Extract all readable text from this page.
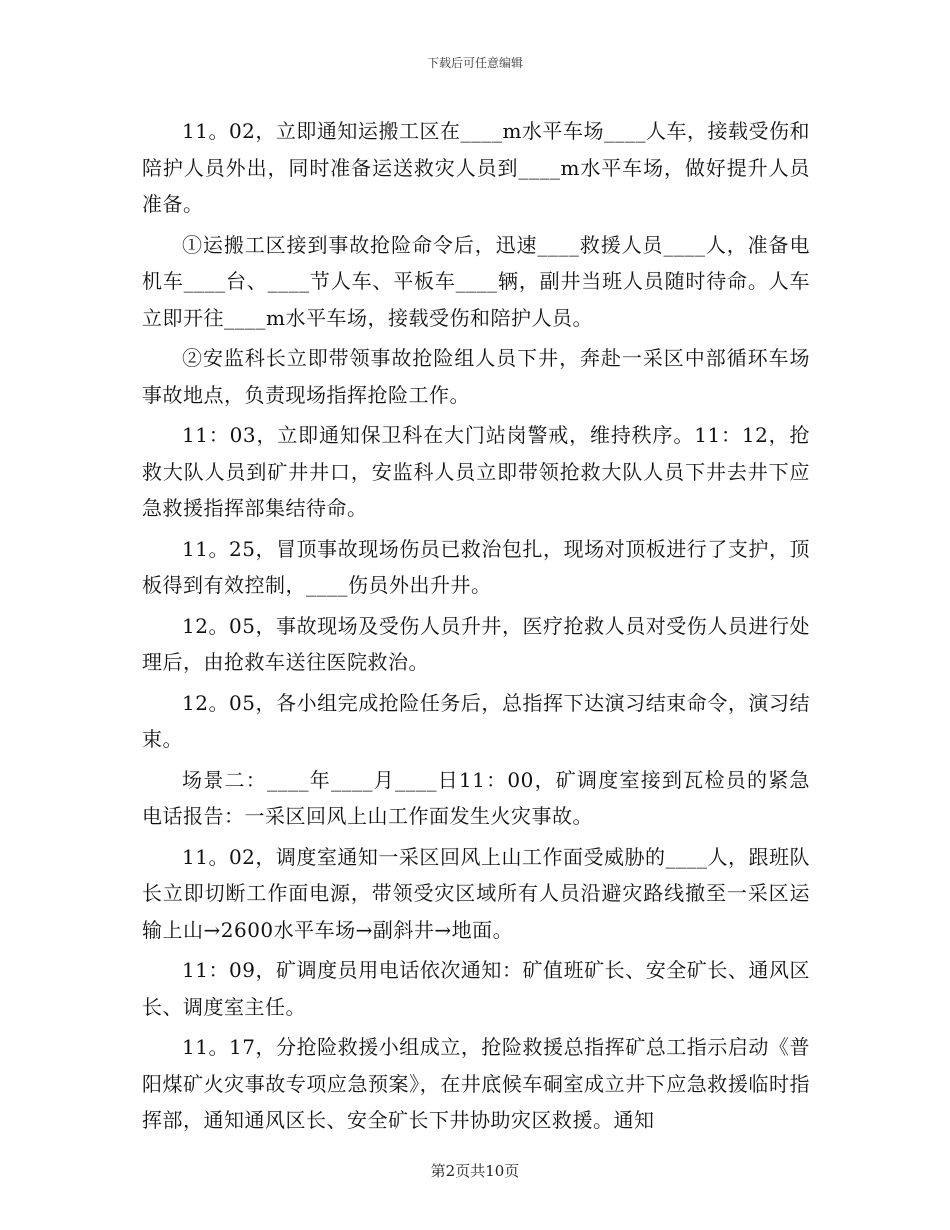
下载后可任意编辑

11。02，立即通知运搬工区在____m水平车场____人车，接载受伤和陪护人员外出，同时准备运送救灾人员到____m水平车场，做好提升人员准备。

①运搬工区接到事故抢险命令后，迅速____救援人员____人，准备电机车____台、____节人车、平板车____辆，副井当班人员随时待命。人车立即开往____m水平车场，接载受伤和陪护人员。

②安监科长立即带领事故抢险组人员下井，奔赴一采区中部循环车场事故地点，负责现场指挥抢险工作。

11：03，立即通知保卫科在大门站岗警戒，维持秩序。11：12，抢救大队人员到矿井井口，安监科人员立即带领抢救大队人员下井去井下应急救援指挥部集结待命。

11。25，冒顶事故现场伤员已救治包扎，现场对顶板进行了支护，顶板得到有效控制，____伤员外出升井。

12。05，事故现场及受伤人员升井，医疗抢救人员对受伤人员进行处理后，由抢救车送往医院救治。

12。05，各小组完成抢险任务后，总指挥下达演习结束命令，演习结束。

场景二：____年____月____日11：00，矿调度室接到瓦检员的紧急电话报告：一采区回风上山工作面发生火灾事故。

11。02，调度室通知一采区回风上山工作面受威胁的____人，跟班队长立即切断工作面电源，带领受灾区域所有人员沿避灾路线撤至一采区运输上山→2600水平车场→副斜井→地面。

11：09，矿调度员用电话依次通知：矿值班矿长、安全矿长、通风区长、调度室主任。

11。17，分抢险救援小组成立，抢险救援总指挥矿总工指示启动《普阳煤矿火灾事故专项应急预案》，在井底候车硐室成立井下应急救援临时指挥部，通知通风区长、安全矿长下井协助灾区救援。通知

第2页共10页
